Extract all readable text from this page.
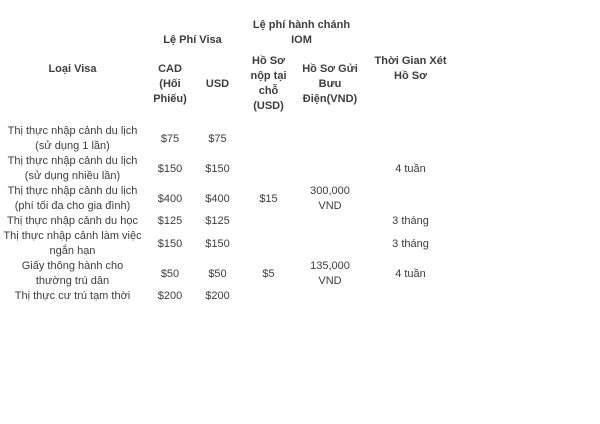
Loại Visa	Lệ Phí Visa		Lệ phí hành chánh IOM		Thời Gian Xét Hồ Sơ
	CAD (Hối Phiếu)	USD	Hồ Sơ nộp tại chỗ (USD)	Hồ Sơ Gửi Bưu Điện(VND)	
Thị thực nhập cảnh du lịch (sử dụng 1 lần)	$75	$75			
Thị thực nhập cảnh du lịch (sử dụng nhiều lần)	$150	$150			4 tuần
Thị thực nhập cảnh du lịch (phí tối đa cho gia đình)	$400	$400	$15	300,000 VND	
Thị thực nhập cảnh du học	$125	$125			3 tháng
Thị thực nhập cảnh làm việc ngắn hạn	$150	$150			3 tháng
Giấy thông hành cho thường trú dân	$50	$50	$5	135,000 VND	4 tuần
Thị thực cư trú tạm thời	$200	$200			
